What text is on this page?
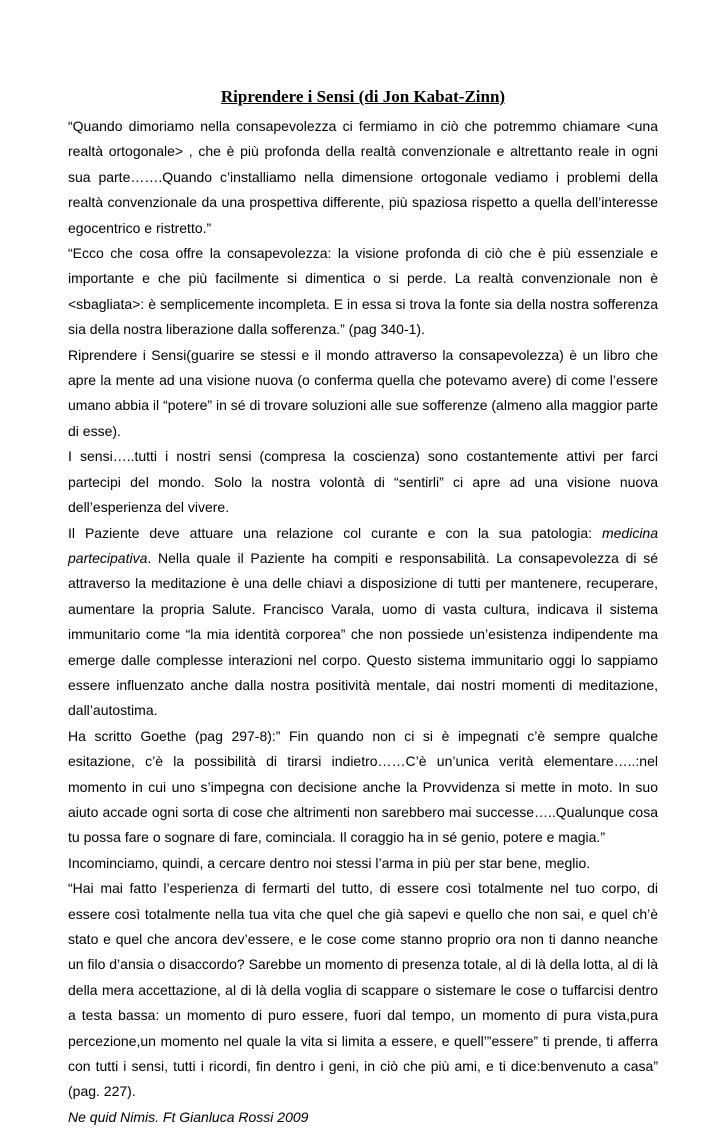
Riprendere i Sensi (di Jon Kabat-Zinn)

“Quando dimoriamo nella consapevolezza ci fermiamo in ciò che potremmo chiamare <una realtà ortogonale> , che è più profonda della realtà convenzionale e altrettanto reale in ogni sua parte…….Quando c’installiamo nella dimensione ortogonale vediamo i problemi della realtà convenzionale da una prospettiva differente, più spaziosa rispetto a quella dell’interesse egocentrico e ristretto.”

“Ecco che cosa offre la consapevolezza: la visione profonda di ciò che è più essenziale e importante e che più facilmente si dimentica o si perde. La realtà convenzionale non è <sbagliata>: è semplicemente incompleta. E in essa si trova la fonte sia della nostra sofferenza sia della nostra liberazione dalla sofferenza.” (pag 340-1).

Riprendere i Sensi(guarire se stessi e il mondo attraverso la consapevolezza) è un libro che apre la mente ad una visione nuova (o conferma quella che potevamo avere) di come l’essere umano abbia il “potere” in sé di trovare soluzioni alle sue sofferenze (almeno alla maggior parte di esse).

I sensi…..tutti i nostri sensi (compresa la coscienza) sono costantemente attivi per farci partecipi del mondo. Solo la nostra volontà di “sentirli” ci apre ad una visione nuova dell’esperienza del vivere.

Il Paziente deve attuare una relazione col curante e con la sua patologia: medicina partecipativa. Nella quale il Paziente ha compiti e responsabilità. La consapevolezza di sé attraverso la meditazione è una delle chiavi a disposizione di tutti per mantenere, recuperare, aumentare la propria Salute. Francisco Varala, uomo di vasta cultura, indicava il sistema immunitario come “la mia identità corporea” che non possiede un’esistenza indipendente ma emerge dalle complesse interazioni nel corpo. Questo sistema immunitario oggi lo sappiamo essere influenzato anche dalla nostra positività mentale, dai nostri momenti di meditazione, dall’autostima.

Ha scritto Goethe (pag 297-8):” Fin quando non ci si è impegnati c’è sempre qualche esitazione, c’è la possibilità di tirarsi indietro……C’è un’unica verità elementare…..:nel momento in cui uno s’impegna con decisione anche la Provvidenza si mette in moto. In suo aiuto accade ogni sorta di cose che altrimenti non sarebbero mai successe…..Qualunque cosa tu possa fare o sognare di fare, cominciala. Il coraggio ha in sé genio, potere e magia.”

Incominciamo, quindi, a cercare dentro noi stessi l’arma in più per star bene, meglio.

“Hai mai fatto l’esperienza di fermarti del tutto, di essere così totalmente nel tuo corpo, di essere così totalmente nella tua vita che quel che già sapevi e quello che non sai, e quel ch’è stato e quel che ancora dev’essere, e le cose come stanno proprio ora non ti danno neanche un filo d’ansia o disaccordo? Sarebbe un momento di presenza totale, al di là della lotta, al di là della mera accettazione, al di là della voglia di scappare o sistemare le cose o tuffarcisi dentro a testa bassa: un momento di puro essere, fuori dal tempo, un momento di pura vista,pura percezione,un momento nel quale la vita si limita a essere, e quell’”essere” ti prende, ti afferra con tutti i sensi, tutti i ricordi, fin dentro i geni, in ciò che più ami, e ti dice:benvenuto a casa” (pag. 227).

Ne quid Nimis. Ft Gianluca Rossi 2009
